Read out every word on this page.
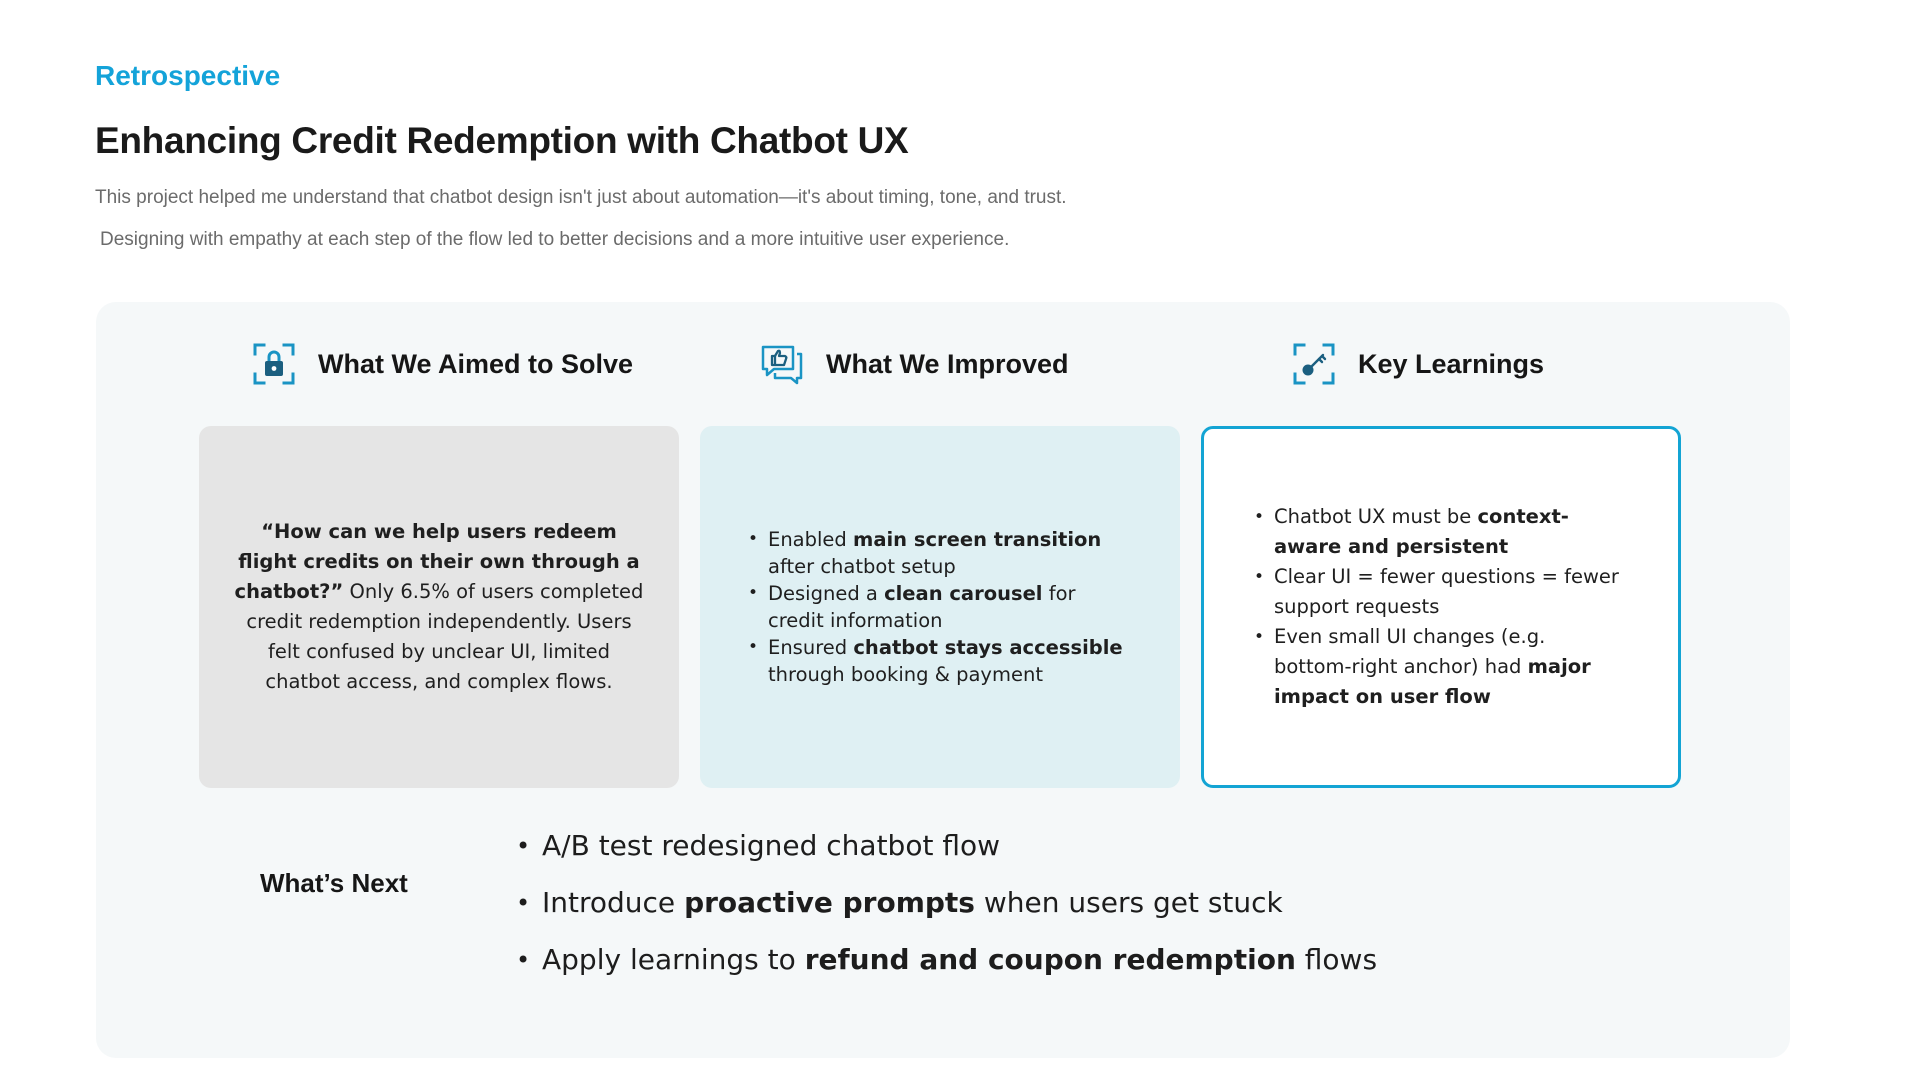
Retrospective
Enhancing Credit Redemption with Chatbot UX

This project helped me understand that chatbot design isn't just about automation—it's about timing, tone, and trust.

Designing with empathy at each step of the flow led to better decisions and a more intuitive user experience.

What We Aimed to Solve	What We Improved	Key Learnings
“How can we help users redeem flight credits on their own through a chatbot?” Only 6.5% of users completed credit redemption independently. Users felt confused by unclear UI, limited chatbot access, and complex flows.
• Enabled main screen transition after chatbot setup
• Designed a clean carousel for credit information
• Ensured chatbot stays accessible through booking & payment
• Chatbot UX must be context-aware and persistent
• Clear UI = fewer questions = fewer support requests
• Even small UI changes (e.g. bottom-right anchor) had major impact on user flow
What’s Next
• A/B test redesigned chatbot flow
• Introduce proactive prompts when users get stuck
• Apply learnings to refund and coupon redemption flows
